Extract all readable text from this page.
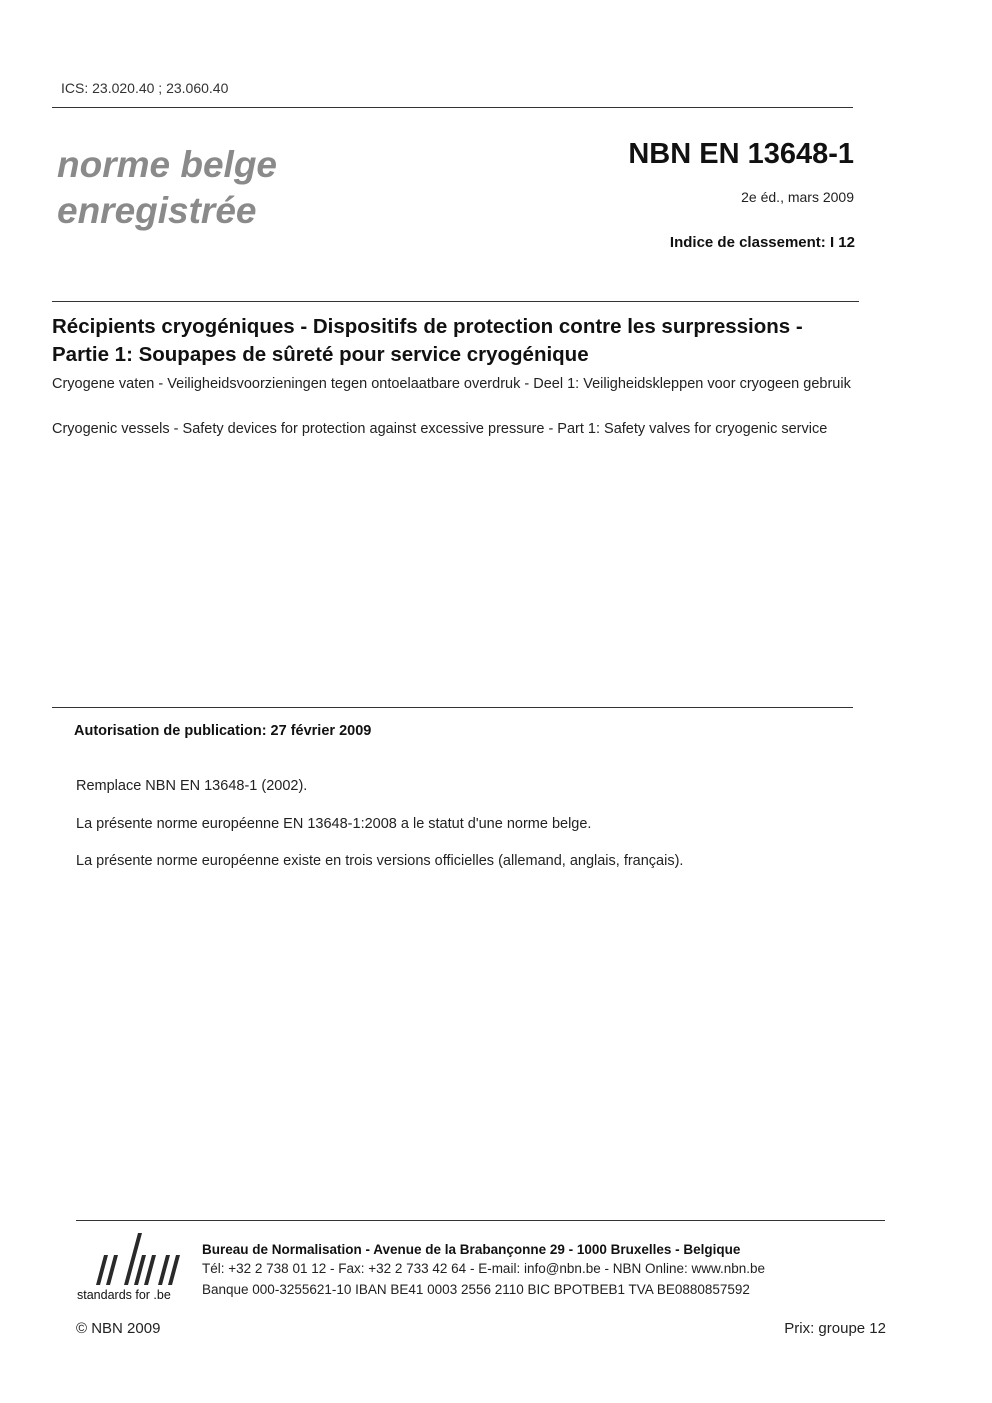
ICS: 23.020.40 ; 23.060.40
norme belge
enregistrée
NBN EN 13648-1
2e éd., mars 2009
Indice de classement: I 12
Récipients cryogéniques - Dispositifs de protection contre les surpressions - Partie 1: Soupapes de sûreté pour service cryogénique
Cryogene vaten - Veiligheidsvoorzieningen tegen ontoelaatbare overdruk - Deel 1: Veiligheidskleppen voor cryogeen gebruik
Cryogenic vessels - Safety devices for protection against excessive pressure - Part 1: Safety valves for cryogenic service
Autorisation de publication: 27 février 2009
Remplace NBN EN 13648-1 (2002).
La présente norme européenne EN 13648-1:2008 a le statut d'une norme belge.
La présente norme européenne existe en trois versions officielles (allemand, anglais, français).
standards for .be
Bureau de Normalisation - Avenue de la Brabançonne 29 - 1000 Bruxelles - Belgique
Tél: +32 2 738 01 12 - Fax: +32 2 733 42 64 - E-mail: info@nbn.be - NBN Online: www.nbn.be
Banque 000-3255621-10 IBAN BE41 0003 2556 2110 BIC BPOTBEB1 TVA BE0880857592
© NBN 2009	Prix: groupe 12
